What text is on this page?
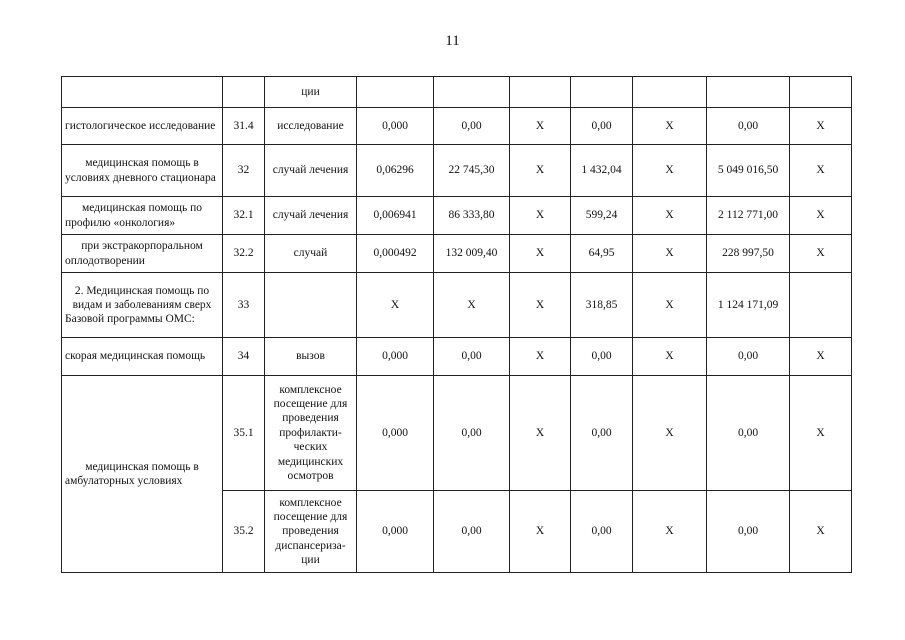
11
		ции							
гистологическое исследование	31.4	исследование	0,000	0,00	X	0,00	X	0,00	X
медицинская помощь в условиях дневного стационара	32	случай лечения	0,06296	22 745,30	X	1 432,04	X	5 049 016,50	X
медицинская помощь по профилю «онкология»	32.1	случай лечения	0,006941	86 333,80	X	599,24	X	2 112 771,00	X
при экстракорпоральном оплодотворении	32.2	случай	0,000492	132 009,40	X	64,95	X	228 997,50	X
2. Медицинская помощь по видам и заболеваниям сверх Базовой программы ОМС:	33		X	X	X	318,85	X	1 124 171,09	
скорая медицинская помощь	34	вызов	0,000	0,00	X	0,00	X	0,00	X
медицинская помощь в амбулаторных условиях	35.1	комплексное посещение для проведения профилакти-ческих медицинских осмотров	0,000	0,00	X	0,00	X	0,00	X
	35.2	комплексное посещение для проведения диспансериза-ции	0,000	0,00	X	0,00	X	0,00	X
